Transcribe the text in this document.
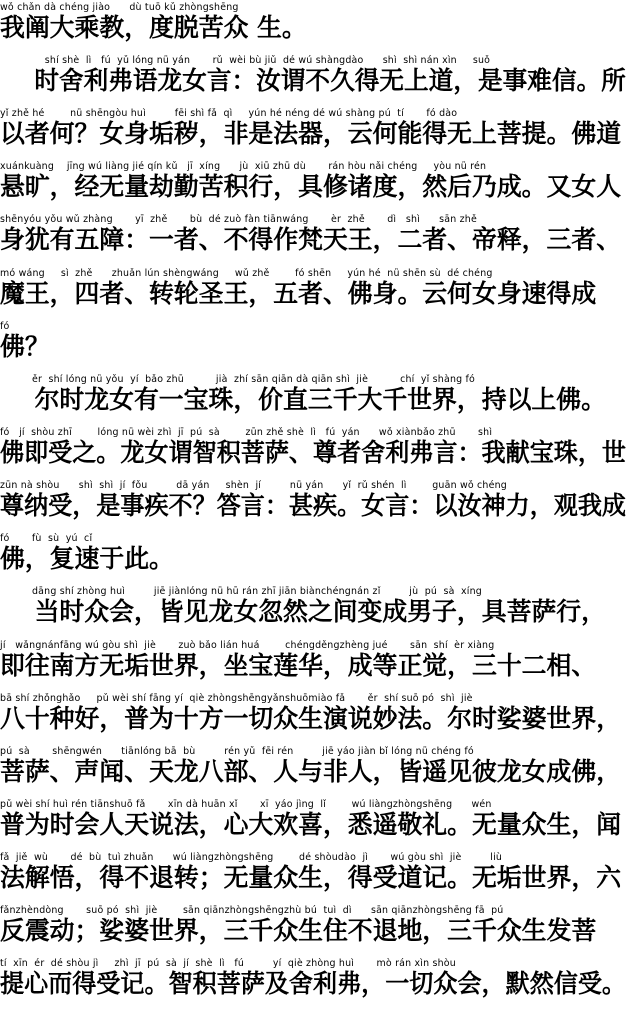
wǒ chǎn dà chéng jiào      dù tuō kǔ zhòngshēng
我阐大乘教，度脱苦众 生。
shí shè  lì   fú  yǔ lóng nǚ yán       rǔ  wèi bù jiǔ  dé wú shàngdào      shì  shì nán xìn     suǒ
时舍利弗语龙女言：汝谓不久得无上道，是事难信。所
yǐ zhě hé        nǚ shēngòu huì         fēi shì fǎ  qì     yún hé néng dé wú shàng pú  tí       fó dào
以者何？女身垢秽，非是法器，云何能得无上菩提。佛道
xuánkuàng    jīng wú liàng jié qín kǔ   jī  xíng      jù  xiū zhū dù       rán hòu nǎi chéng     yòu nǚ rén
悬旷，经无量劫勤苦积行，具修诸度，然后乃成。又女人
shēnyóu yǒu wǔ zhàng       yī  zhě       bù  dé zuò fàn tiānwáng       èr  zhě       dì   shì      sān zhě
身犹有五障：一者、不得作梵天王，二者、帝释，三者、
mó wáng     sì  zhě      zhuǎn lún shèngwáng     wǔ zhě        fó shēn     yún hé  nǚ shēn sù  dé chéng
魔王，四者、转轮圣王，五者、佛身。云何女身速得成
fó
佛？
ěr  shí lóng nǚ yǒu  yí  bǎo zhū          jià  zhí sān qiān dà qiān shì  jiè          chí  yǐ shàng fó
尔时龙女有一宝珠，价直三千大千世界，持以上佛。
fó   jí  shòu zhī        lóng nǚ wèi zhì  jī  pú  sà        zūn zhě shè  lì   fú  yán      wǒ xiànbǎo zhū       shì
佛即受之。龙女谓智积菩萨、尊者舍利弗言：我献宝珠，世
zūn nà shòu      shì  shì  jí  fǒu         dā yán     shèn  jí         nǚ yán      yǐ  rǔ shén  lì        guān wǒ chéng
尊纳受，是事疾不？答言：甚疾。女言：以汝神力，观我成
fó       fù  sù  yú  cǐ
佛，复速于此。
dāng shí zhòng huì         jiē jiànlóng nǚ hū rán zhī jiān biànchéngnán zǐ         jù  pú  sà  xíng
当时众会，皆见龙女忽然之间变成男子，具菩萨行，
jí   wǎngnánfāng wú gòu shì  jiè       zuò bǎo lián huá        chéngděngzhèng jué       sān  shí  èr xiàng
即往南方无垢世界，坐宝莲华，成等正觉，三十二相、
bā shí zhǒnghǎo     pǔ wèi shí fāng yí  qiè zhòngshēngyǎnshuōmiào fǎ       ěr  shí suō pó  shì  jiè
八十种好，普为十方一切众生演说妙法。尔时娑婆世界，
pú  sà       shēngwén      tiānlóng bā  bù         rén yǔ  fēi rén         jiē yáo jiàn bǐ lóng nǚ chéng fó
菩萨、声闻、天龙八部、人与非人，皆遥见彼龙女成佛，
pǔ wèi shí huì rén tiānshuō fǎ       xīn dà huān xǐ       xī  yáo jìng  lǐ        wú liàngzhòngshēng      wén
普为时会人天说法，心大欢喜，悉遥敬礼。无量众生，闻
fǎ  jiě  wù       dé  bù  tuì zhuǎn      wú liàngzhòngshēng        dé shòudào  jì       wú gòu shì  jiè         liù
法解悟，得不退转；无量众生，得受道记。无垢世界，六
fǎnzhèndòng       suō pó  shì  jiè        sān qiānzhòngshēngzhù bú  tuì  dì      sān qiānzhòngshēng fā  pú
反震动；娑婆世界，三千众生住不退地，三千众生发菩
tí  xīn  ér  dé shòu jì     zhì  jī  pú  sà  jí  shè  lì   fú         yí  qiè zhòng huì       mò rán xìn shòu
提心而得受记。智积菩萨及舍利弗，一切众会，默然信受。
